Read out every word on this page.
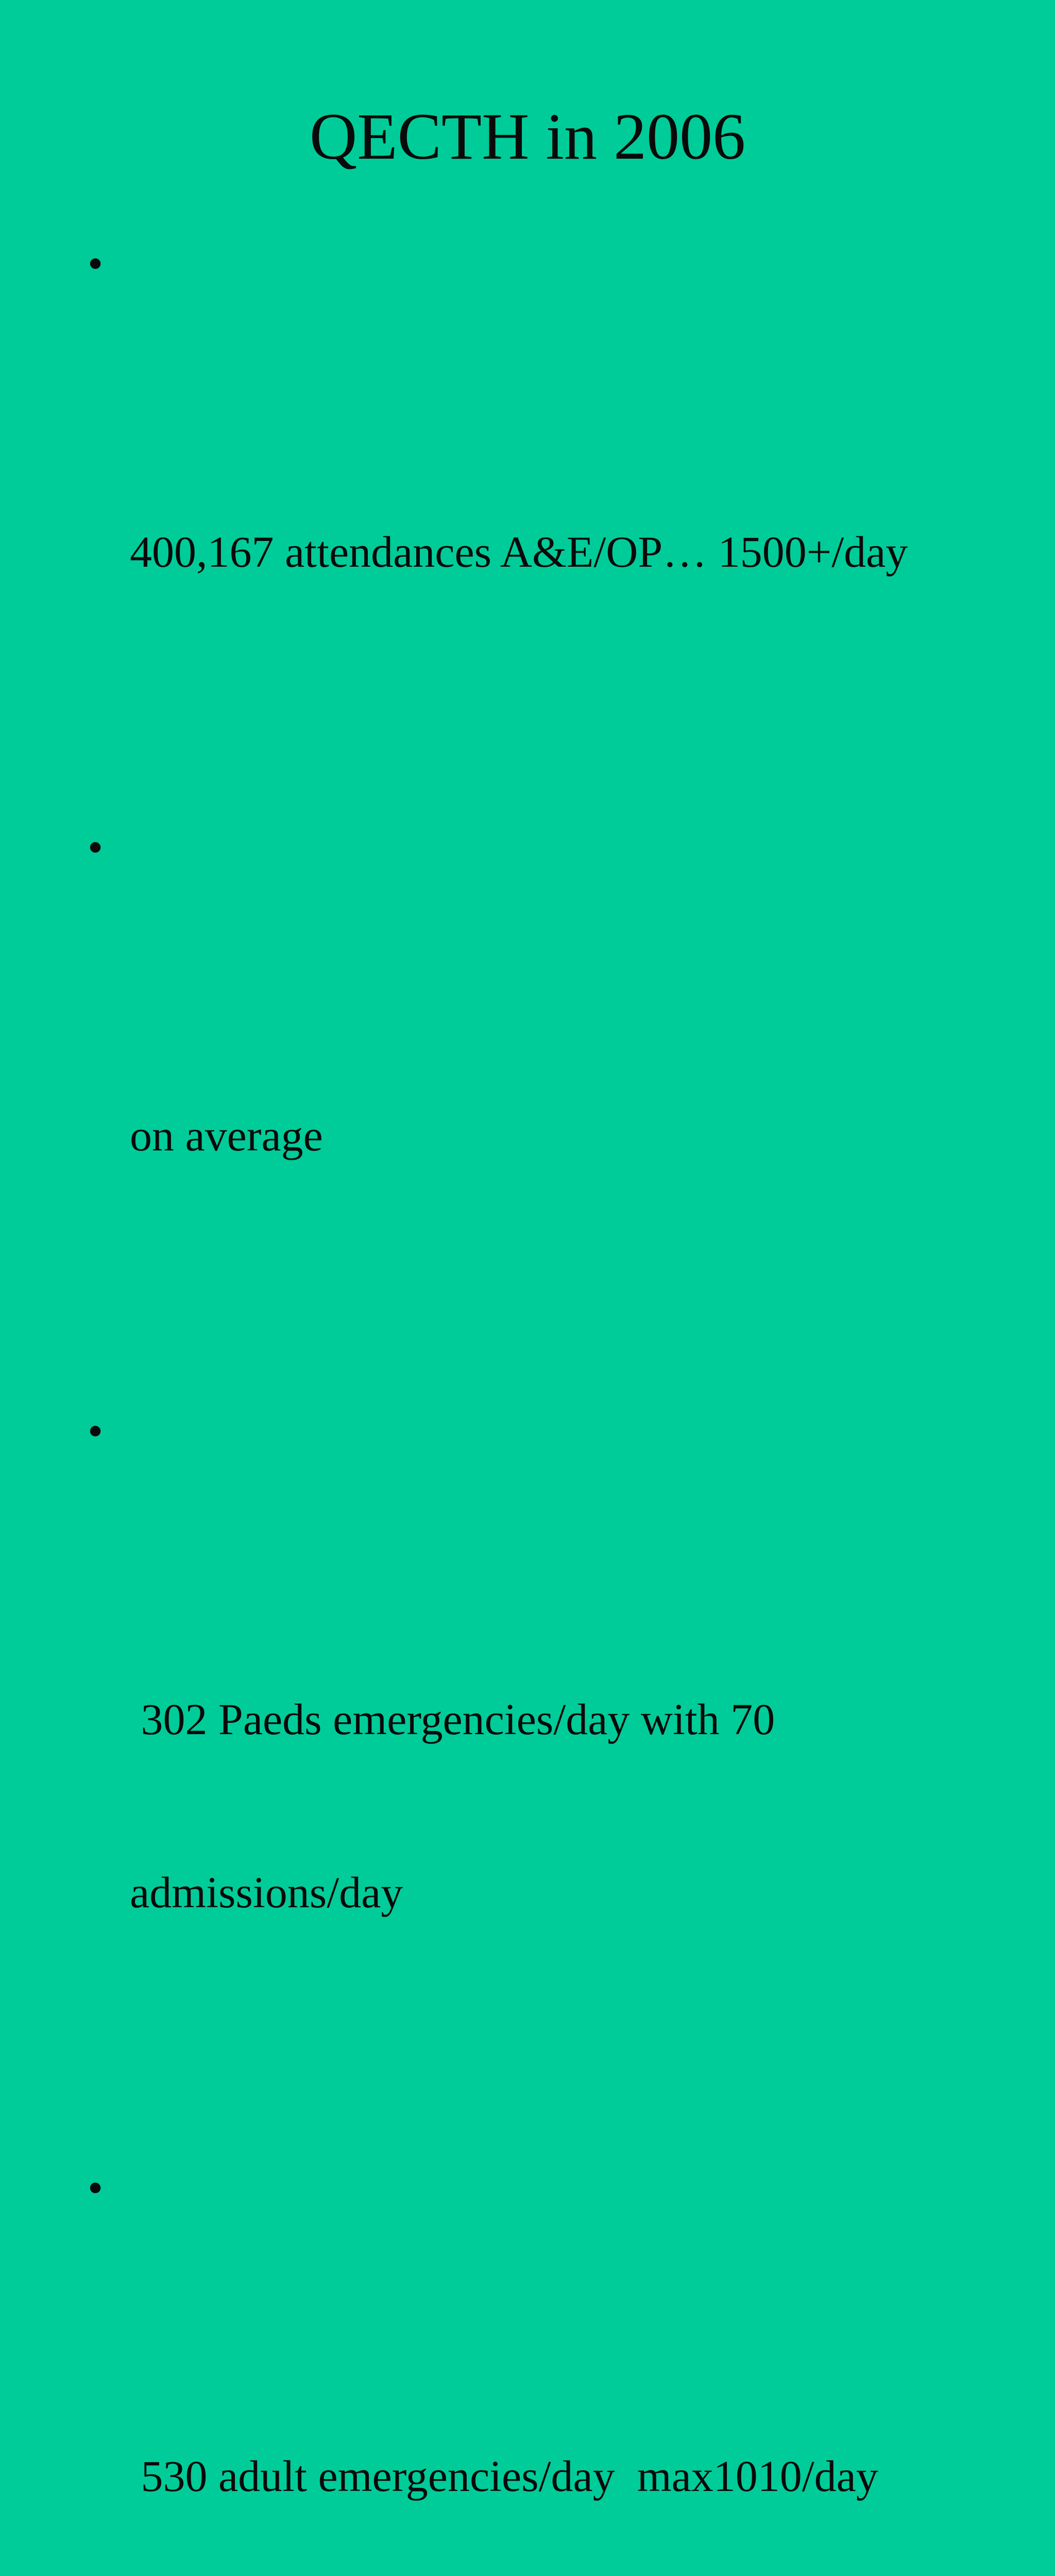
QECTH in 2006

•

400,167 attendances A&E/OP… 1500+/day

•

on average

•

302 Paeds emergencies/day with 70

admissions/day

•

530 adult emergencies/day  max1010/day
